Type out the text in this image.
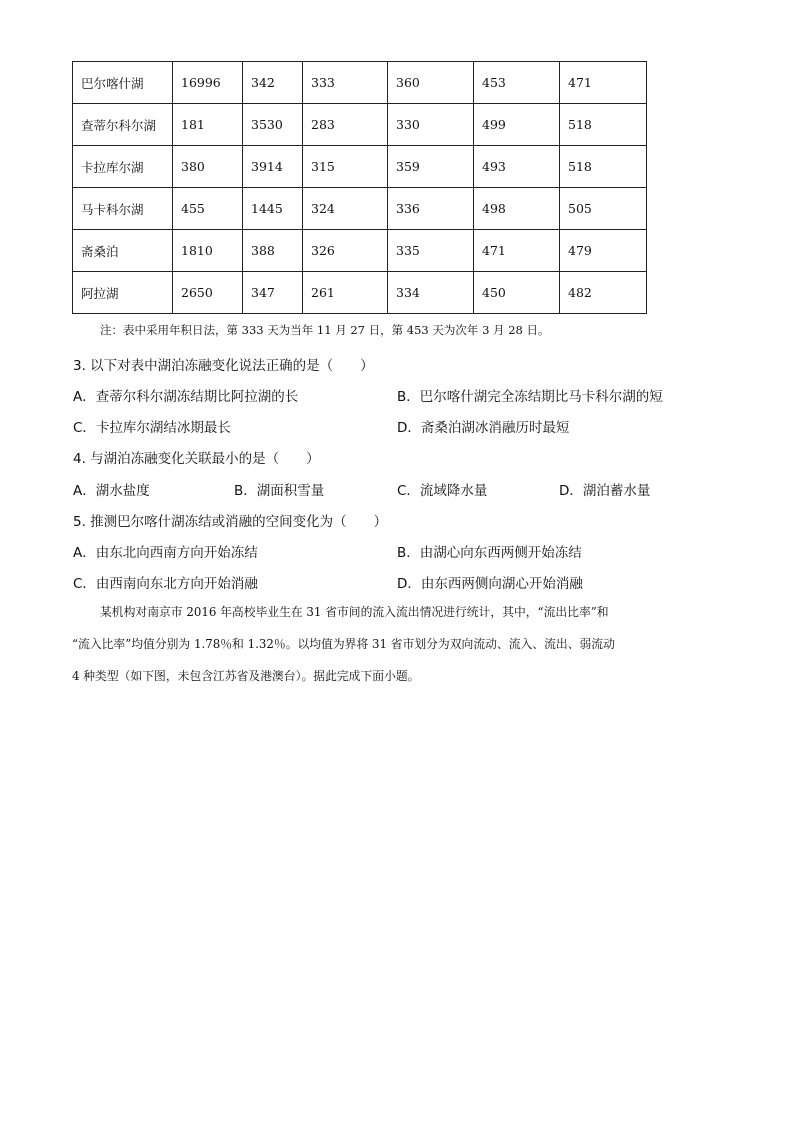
巴尔喀什湖	16996	342	333	360	453	471
查蒂尔科尔湖	181	3530	283	330	499	518
卡拉库尔湖	380	3914	315	359	493	518
马卡科尔湖	455	1445	324	336	498	505
斋桑泊	1810	388	326	335	471	479
阿拉湖	2650	347	261	334	450	482
注：表中采用年积日法，第 333 天为当年 11 月 27 日，第 453 天为次年 3 月 28 日。
3. 以下对表中湖泊冻融变化说法正确的是（　　）
A．查蒂尔科尔湖冻结期比阿拉湖的长	B．巴尔喀什湖完全冻结期比马卡科尔湖的短
C．卡拉库尔湖结冰期最长	D．斋桑泊湖冰消融历时最短
4. 与湖泊冻融变化关联最小的是（　　）
A．湖水盐度	B．湖面积雪量	C．流域降水量	D．湖泊蓄水量
5. 推测巴尔喀什湖冻结或消融的空间变化为（　　）
A．由东北向西南方向开始冻结	B．由湖心向东西两侧开始冻结
C．由西南向东北方向开始消融	D．由东西两侧向湖心开始消融
某机构对南京市 2016 年高校毕业生在 31 省市间的流入流出情况进行统计，其中，“流出比率”和
“流入比率”均值分别为 1.78％和 1.32％。以均值为界将 31 省市划分为双向流动、流入、流出、弱流动
4 种类型（如下图，未包含江苏省及港澳台）。据此完成下面小题。
